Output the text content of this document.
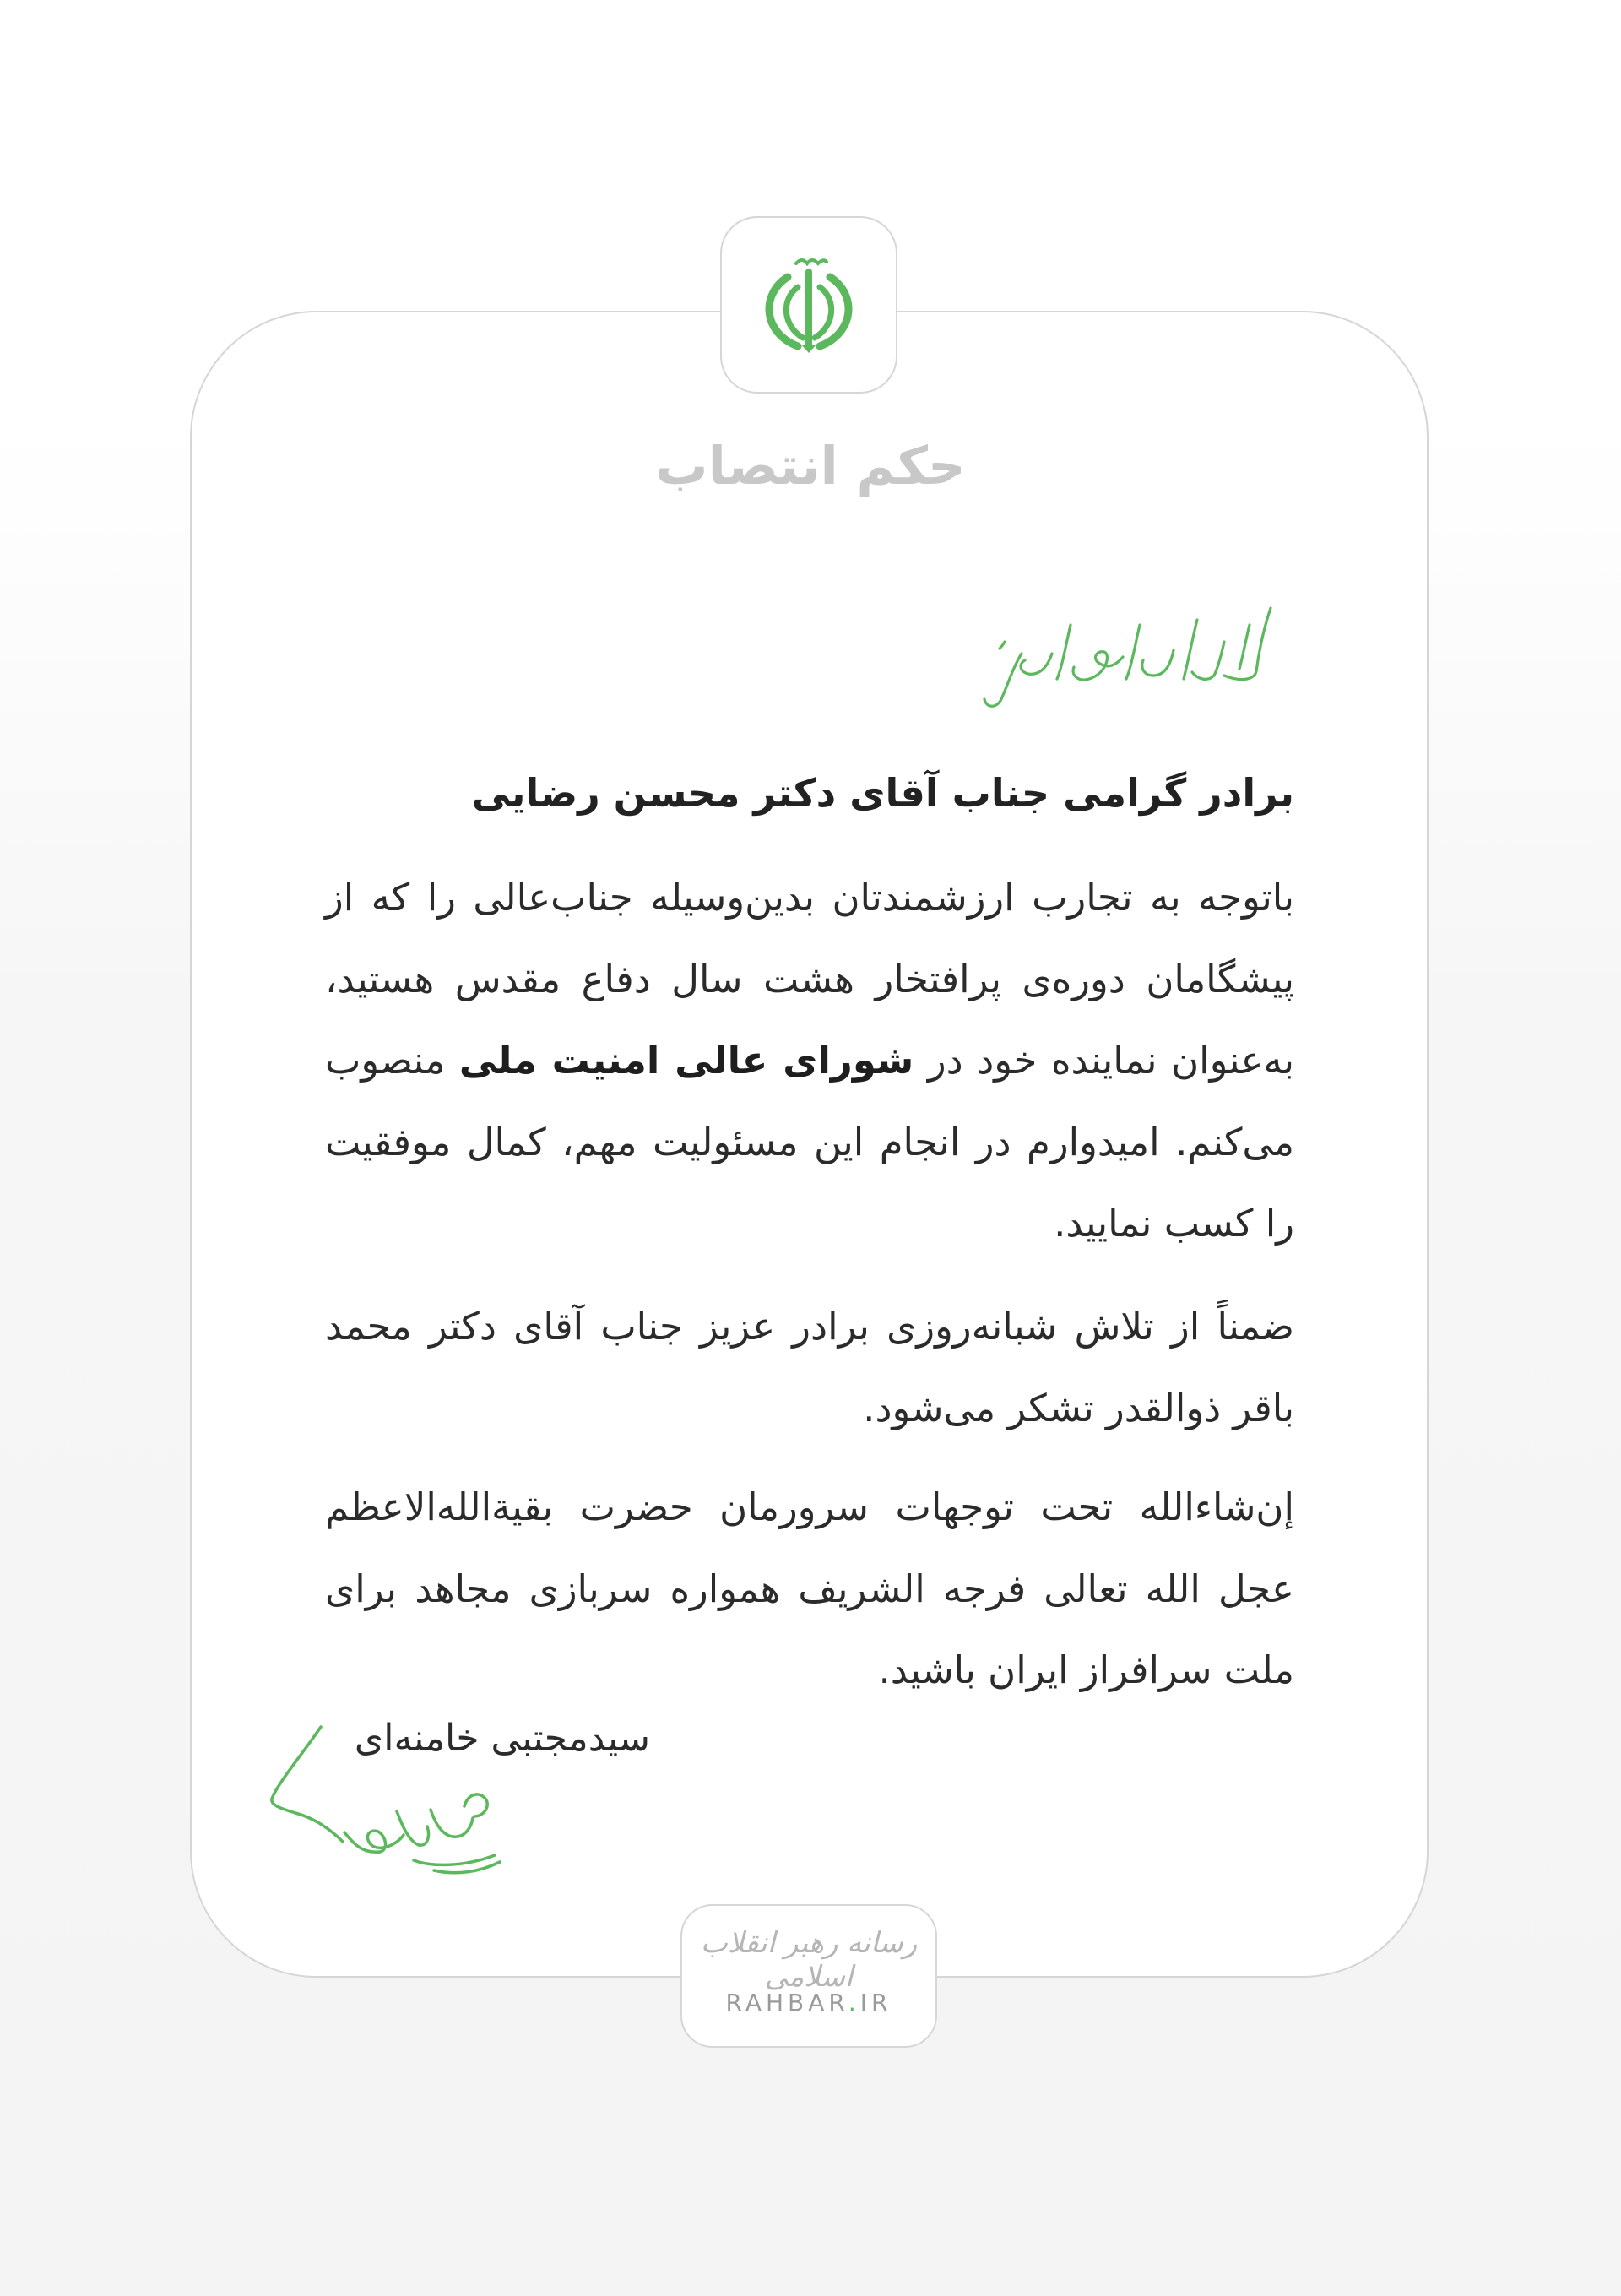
حکم انتصاب
برادر گرامی جناب آقای دکتر محسن رضایی
باتوجه به تجارب ارزشمندتان بدین‌وسیله جناب‌عالی را که از پیشگامان دوره‌ی پرافتخار هشت سال دفاع مقدس هستید، به‌عنوان نماینده خود در شورای عالی امنیت ملی منصوب می‌کنم. امیدوارم در انجام این مسئولیت مهم، کمال موفقیت را کسب نمایید.
ضمناً از تلاش شبانه‌روزی برادر عزیز جناب آقای دکتر محمد باقر ذوالقدر تشکر می‌شود.
إن‌شاءالله تحت توجهات سرورمان حضرت بقیةالله‌الاعظم عجل الله تعالی فرجه الشریف همواره سربازی مجاهد برای ملت سرافراز ایران باشید.
سیدمجتبی خامنه‌ای
رسانه رهبر انقلاب اسلامی
RAHBAR.IR
